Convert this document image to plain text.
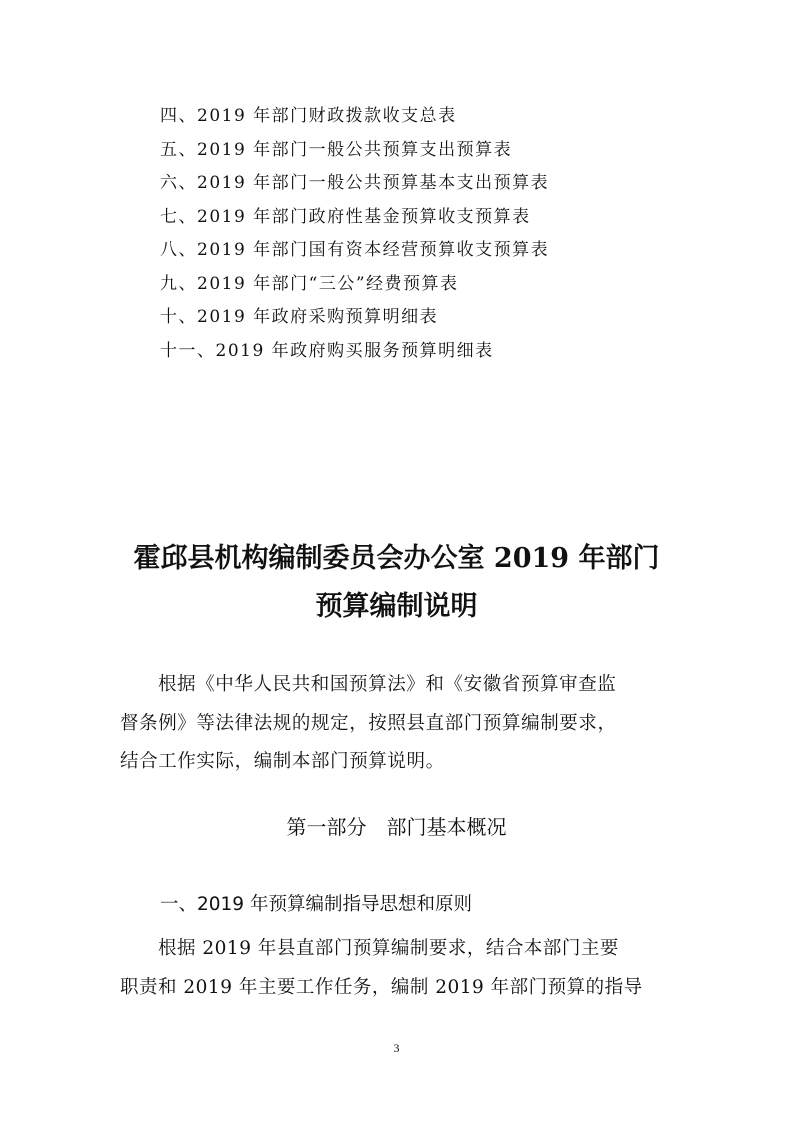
四、2019 年部门财政拨款收支总表
五、2019 年部门一般公共预算支出预算表
六、2019 年部门一般公共预算基本支出预算表
七、2019 年部门政府性基金预算收支预算表
八、2019 年部门国有资本经营预算收支预算表
九、2019 年部门“三公”经费预算表
十、2019 年政府采购预算明细表
十一、2019 年政府购买服务预算明细表
霍邱县机构编制委员会办公室 2019 年部门
预算编制说明
根据《中华人民共和国预算法》和《安徽省预算审查监
督条例》等法律法规的规定，按照县直部门预算编制要求，
结合工作实际，编制本部门预算说明。
第一部分　部门基本概况
一、2019 年预算编制指导思想和原则
根据 2019 年县直部门预算编制要求，结合本部门主要
职责和 2019 年主要工作任务，编制 2019 年部门预算的指导
3
